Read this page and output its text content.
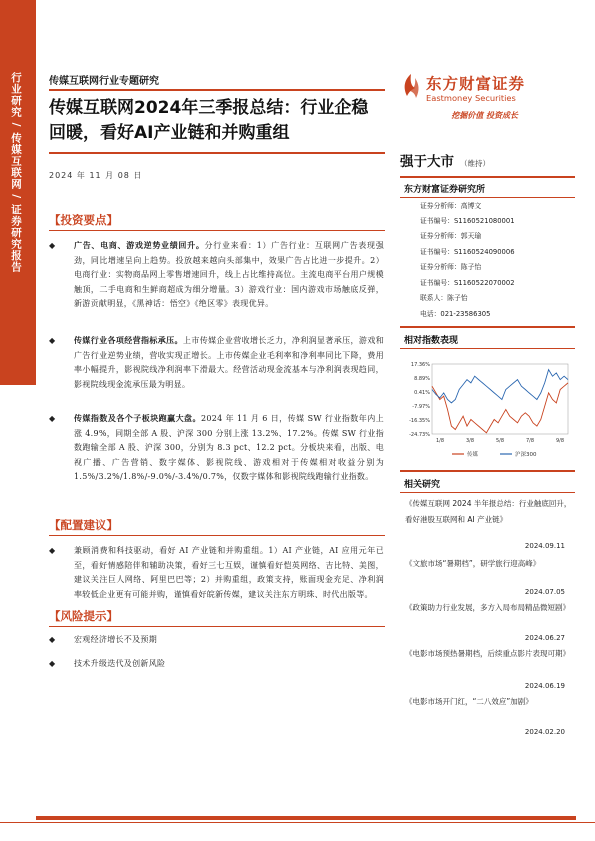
行业研究 / 传媒互联网 / 证券研究报告	传媒互联网行业专题研究	东方财富证券
Eastmoney Securities
挖掘价值 投资成长
传媒互联网2024年三季报总结：行业企稳回暖，看好AI产业链和并购重组
2024 年 11 月 08 日
【投资要点】
◆	广告、电商、游戏逆势业绩回升。分行业来看：1）广告行业：互联网广告表现强劲，同比增速呈向上趋势。投放越来越向头部集中，效果广告占比进一步提升。2）电商行业：实物商品网上零售增速回升，线上占比维持高位。主流电商平台用户规模触顶，二手电商和生鲜商超成为细分增量。3）游戏行业：国内游戏市场触底反弹，新游贡献明显，《黑神话：悟空》《绝区零》表现优异。
◆	传媒行业各项经营指标承压。上市传媒企业营收增长乏力，净利润显著承压，游戏和广告行业逆势业绩，营收实现正增长。上市传媒企业毛利率和净利率同比下降，费用率小幅提升，影视院线净利润率下滑最大。经营活动现金流基本与净利润表现趋同，影视院线现金流承压最为明显。
◆	传媒指数及各个子板块跑赢大盘。2024 年 11 月 6 日，传媒 SW 行业指数年内上涨 4.9%，同期全部 A 股、沪深 300 分别上涨 13.2%、17.2%。传媒 SW 行业指数跑输全部 A 股、沪深 300，分别为 8.3 pct、12.2 pct。分板块来看，出版、电视广播、广告营销、数字媒体、影视院线、游戏相对于传媒相对收益分别为 1.5%/3.2%/1.8%/-9.0%/-3.4%/0.7%，仅数字媒体和影视院线跑输行业指数。
【配置建议】
◆	兼顾消费和科技驱动，看好 AI 产业链和并购重组。1）AI 产业链，AI 应用元年已至，看好情感陪伴和辅助决策，看好三七互娱，谨慎看好恺英网络、吉比特、美图，建议关注巨人网络、阿里巴巴等；2）并购重组，政策支持，账面现金充足、净利润率较低企业更有可能并购，谨慎看好皖新传媒，建议关注东方明珠、时代出版等。
【风险提示】
◆	宏观经济增长不及预期
◆	技术升级迭代及创新风险
强于大市 （维持）
东方财富证券研究所
证券分析师：高博文
证书编号：S1160521080001
证券分析师：郭天瑜
证书编号：S1160524090006
证券分析师：陈子怡
证书编号：S1160522070002
联系人：陈子怡
电话：021-23586305
相对指数表现
17.36%
8.89%
0.41%
-7.97%
-16.35%
-24.73%
1/8	3/8	5/8	7/8	9/8
传媒	沪深300
相关研究
《传媒互联网 2024 半年报总结：行业触底回升，看好港股互联网和 AI 产业链》
2024.09.11
《文旅市场“暑期档”，研学旅行迎高峰》
2024.07.05
《政策助力行业发展，多方入局布局精品微短剧》
2024.06.27
《电影市场预热暑期档，后续重点影片表现可期》
2024.06.19
《电影市场开门红，“二八效应”加剧》
2024.02.20
